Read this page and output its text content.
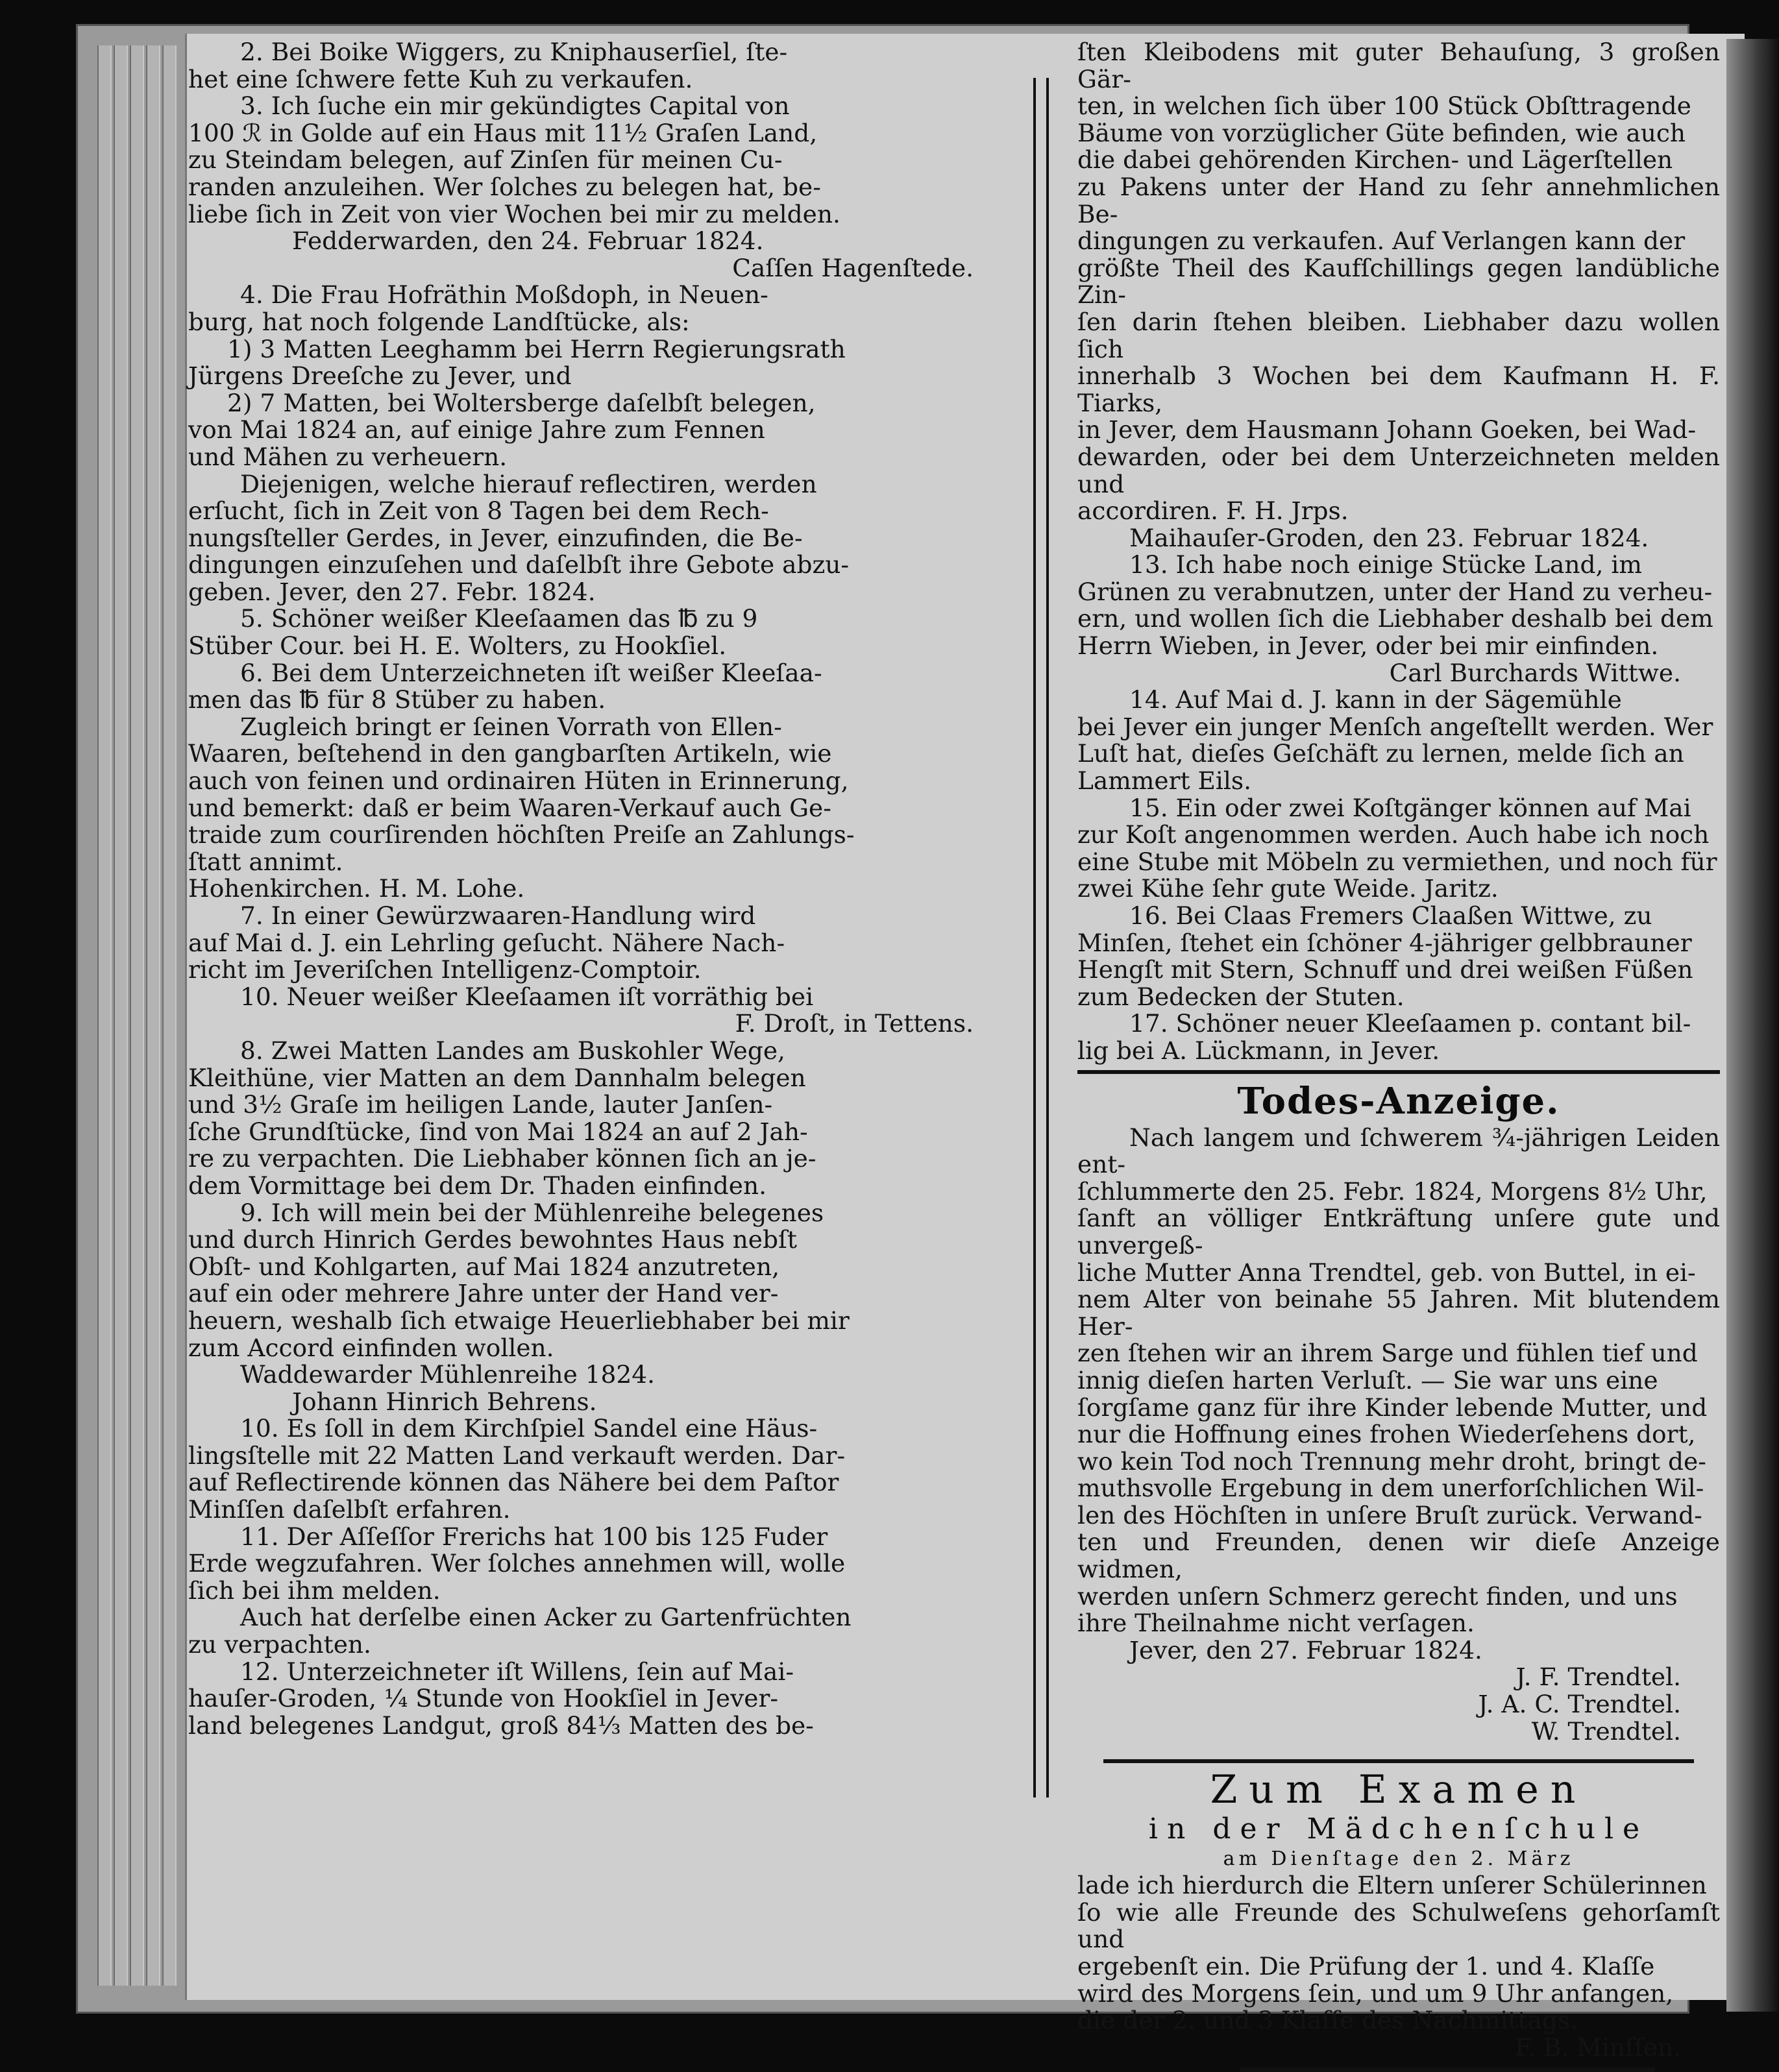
2. Bei Boike Wiggers, zu Kniphauserſiel, ſte-

het eine ſchwere fette Kuh zu verkaufen.

3. Ich ſuche ein mir gekündigtes Capital von

100 ℛ in Golde auf ein Haus mit 11½ Graſen Land,

zu Steindam belegen, auf Zinſen für meinen Cu-

randen anzuleihen. Wer ſolches zu belegen hat, be-

liebe ſich in Zeit von vier Wochen bei mir zu melden.

Fedderwarden, den 24. Februar 1824.

Caſſen Hagenſtede.

4. Die Frau Hofräthin Moßdoph, in Neuen-

burg, hat noch folgende Landſtücke, als:

1) 3 Matten Leeghamm bei Herrn Regierungsrath

Jürgens Dreeſche zu Jever, und

2) 7 Matten, bei Woltersberge daſelbſt belegen,

von Mai 1824 an, auf einige Jahre zum Fennen

und Mähen zu verheuern.

Diejenigen, welche hierauf reflectiren, werden

erſucht, ſich in Zeit von 8 Tagen bei dem Rech-

nungsſteller Gerdes, in Jever, einzufinden, die Be-

dingungen einzuſehen und daſelbſt ihre Gebote abzu-

geben. Jever, den 27. Febr. 1824.

5. Schöner weißer Kleeſaamen das ℔ zu 9

Stüber Cour. bei H. E. Wolters, zu Hookſiel.

6. Bei dem Unterzeichneten iſt weißer Kleeſaa-

men das ℔ für 8 Stüber zu haben.

Zugleich bringt er ſeinen Vorrath von Ellen-

Waaren, beſtehend in den gangbarſten Artikeln, wie

auch von feinen und ordinairen Hüten in Erinnerung,

und bemerkt: daß er beim Waaren-Verkauf auch Ge-

traide zum courſirenden höchſten Preiſe an Zahlungs-

ſtatt annimt.

Hohenkirchen. H. M. Lohe.

7. In einer Gewürzwaaren-Handlung wird

auf Mai d. J. ein Lehrling geſucht. Nähere Nach-

richt im Jeveriſchen Intelligenz-Comptoir.

10. Neuer weißer Kleeſaamen iſt vorräthig bei

F. Droſt, in Tettens.

8. Zwei Matten Landes am Buskohler Wege,

Kleithüne, vier Matten an dem Dannhalm belegen

und 3½ Graſe im heiligen Lande, lauter Janſen-

ſche Grundſtücke, ſind von Mai 1824 an auf 2 Jah-

re zu verpachten. Die Liebhaber können ſich an je-

dem Vormittage bei dem Dr. Thaden einfinden.

9. Ich will mein bei der Mühlenreihe belegenes

und durch Hinrich Gerdes bewohntes Haus nebſt

Obſt- und Kohlgarten, auf Mai 1824 anzutreten,

auf ein oder mehrere Jahre unter der Hand ver-

heuern, weshalb ſich etwaige Heuerliebhaber bei mir

zum Accord einfinden wollen.

Waddewarder Mühlenreihe 1824.

Johann Hinrich Behrens.

10. Es ſoll in dem Kirchſpiel Sandel eine Häus-

lingsſtelle mit 22 Matten Land verkauft werden. Dar-

auf Reflectirende können das Nähere bei dem Paſtor

Minſſen daſelbſt erfahren.

11. Der Aſſeſſor Frerichs hat 100 bis 125 Fuder

Erde wegzufahren. Wer ſolches annehmen will, wolle

ſich bei ihm melden.

Auch hat derſelbe einen Acker zu Gartenfrüchten

zu verpachten.

12. Unterzeichneter iſt Willens, ſein auf Mai-

hauſer-Groden, ¼ Stunde von Hookſiel in Jever-

land belegenes Landgut, groß 84⅓ Matten des be-

ſten Kleibodens mit guter Behauſung, 3 großen Gär-

ten, in welchen ſich über 100 Stück Obſttragende

Bäume von vorzüglicher Güte befinden, wie auch

die dabei gehörenden Kirchen- und Lägerſtellen

zu Pakens unter der Hand zu ſehr annehmlichen Be-

dingungen zu verkaufen. Auf Verlangen kann der

größte Theil des Kaufſchillings gegen landübliche Zin-

ſen darin ſtehen bleiben. Liebhaber dazu wollen ſich

innerhalb 3 Wochen bei dem Kaufmann H. F. Tiarks,

in Jever, dem Hausmann Johann Goeken, bei Wad-

dewarden, oder bei dem Unterzeichneten melden und

accordiren. F. H. Jrps.

Maihauſer-Groden, den 23. Februar 1824.

13. Ich habe noch einige Stücke Land, im

Grünen zu verabnutzen, unter der Hand zu verheu-

ern, und wollen ſich die Liebhaber deshalb bei dem

Herrn Wieben, in Jever, oder bei mir einfinden.

Carl Burchards Wittwe.

14. Auf Mai d. J. kann in der Sägemühle

bei Jever ein junger Menſch angeſtellt werden. Wer

Luſt hat, dieſes Geſchäft zu lernen, melde ſich an

Lammert Eils.

15. Ein oder zwei Koſtgänger können auf Mai

zur Koſt angenommen werden. Auch habe ich noch

eine Stube mit Möbeln zu vermiethen, und noch für

zwei Kühe ſehr gute Weide. Jaritz.

16. Bei Claas Fremers Claaßen Wittwe, zu

Minſen, ſtehet ein ſchöner 4-jähriger gelbbrauner

Hengſt mit Stern, Schnuff und drei weißen Füßen

zum Bedecken der Stuten.

17. Schöner neuer Kleeſaamen p. contant bil-

lig bei A. Lückmann, in Jever.

Todes-Anzeige.

Nach langem und ſchwerem ¾-jährigen Leiden ent-

ſchlummerte den 25. Febr. 1824, Morgens 8½ Uhr,

ſanft an völliger Entkräftung unſere gute und unvergeß-

liche Mutter Anna Trendtel, geb. von Buttel, in ei-

nem Alter von beinahe 55 Jahren. Mit blutendem Her-

zen ſtehen wir an ihrem Sarge und fühlen tief und

innig dieſen harten Verluſt. — Sie war uns eine

ſorgſame ganz für ihre Kinder lebende Mutter, und

nur die Hoffnung eines frohen Wiederſehens dort,

wo kein Tod noch Trennung mehr droht, bringt de-

muthsvolle Ergebung in dem unerforſchlichen Wil-

len des Höchſten in unſere Bruſt zurück. Verwand-

ten und Freunden, denen wir dieſe Anzeige widmen,

werden unſern Schmerz gerecht finden, und uns

ihre Theilnahme nicht verſagen.

Jever, den 27. Februar 1824.

J. F. Trendtel.

J. A. C. Trendtel.

W. Trendtel.

Zum Examen
in der Mädchenſchule
am Dienſtage den 2. März

lade ich hierdurch die Eltern unſerer Schülerinnen

ſo wie alle Freunde des Schulweſens gehorſamſt und

ergebenſt ein. Die Prüfung der 1. und 4. Klaſſe

wird des Morgens ſein, und um 9 Uhr anfangen,

die der 2. und 3 Klaſſe des Nachmittags.

F. B. Minſſen.
